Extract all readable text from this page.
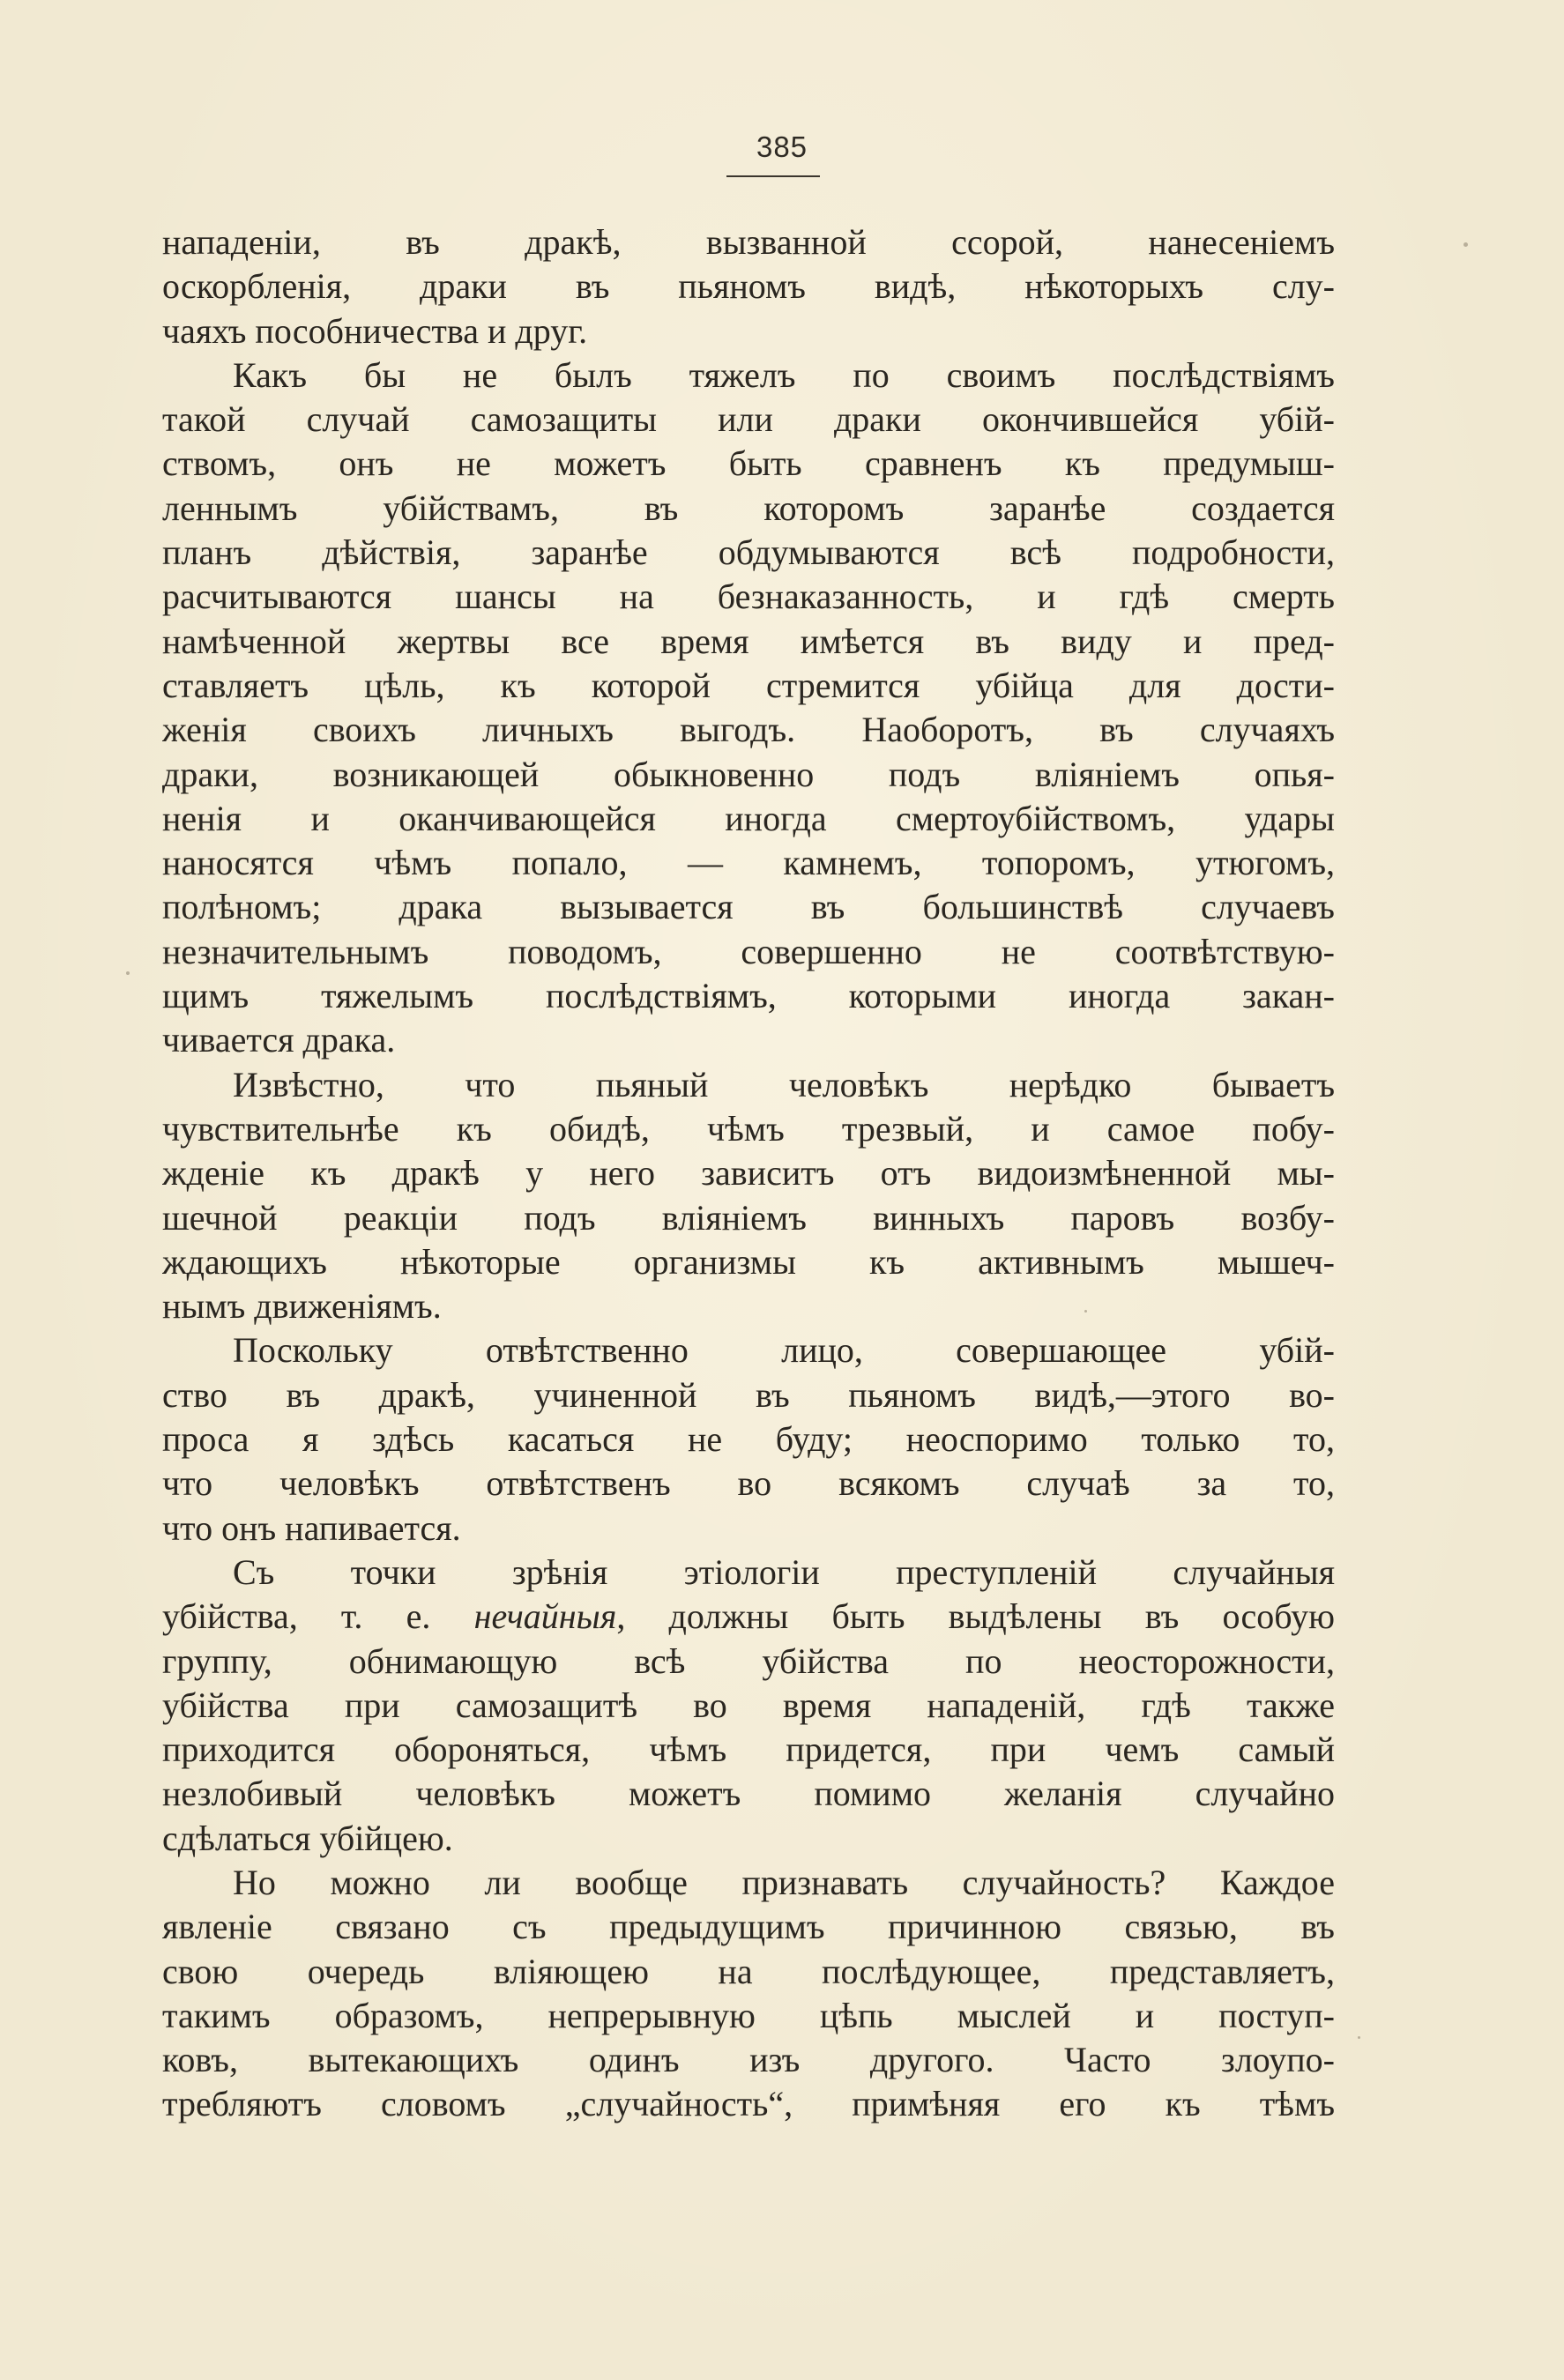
385
нападенiи, въ дракѣ, вызванной ссорой, нанесенiемъ
оскорбленiя, драки въ пьяномъ видѣ, нѣкоторыхъ слу-
чаяхъ пособничества и друг.
Какъ бы не былъ тяжелъ по своимъ послѣдствiямъ
такой случай самозащиты или драки окончившейся убiй-
ствомъ, онъ не можетъ быть сравненъ къ предумыш-
леннымъ убiйствамъ, въ которомъ заранѣе создается
планъ дѣйствiя, заранѣе обдумываются всѣ подробности,
расчитываются шансы на безнаказанность, и гдѣ смерть
намѣченной жертвы все время имѣется въ виду и пред-
ставляетъ цѣль, къ которой стремится убiйца для дости-
женiя своихъ личныхъ выгодъ. Наоборотъ, въ случаяхъ
драки, возникающей обыкновенно подъ влiянiемъ опья-
ненiя и оканчивающейся иногда смертоубiйствомъ, удары
наносятся чѣмъ попало, — камнемъ, топоромъ, утюгомъ,
полѣномъ; драка вызывается въ большинствѣ случаевъ
незначительнымъ поводомъ, совершенно не соотвѣтствую-
щимъ тяжелымъ послѣдствiямъ, которыми иногда закан-
чивается драка.
Извѣстно, что пьяный человѣкъ нерѣдко бываетъ
чувствительнѣе къ обидѣ, чѣмъ трезвый, и самое побу-
жденiе къ дракѣ у него зависитъ отъ видоизмѣненной мы-
шечной реакцiи подъ влiянiемъ винныхъ паровъ возбу-
ждающихъ нѣкоторые организмы къ активнымъ мышеч-
нымъ движенiямъ.
Поскольку отвѣтственно лицо, совершающее убiй-
ство въ дракѣ, учиненной въ пьяномъ видѣ,—этого во-
проса я здѣсь касаться не буду; неоспоримо только то,
что человѣкъ отвѣтственъ во всякомъ случаѣ за то,
что онъ напивается.
Съ точки зрѣнiя этiологiи преступленiй случайныя
убiйства, т. е. нечайныя, должны быть выдѣлены въ особую
группу, обнимающую всѣ убiйства по неосторожности,
убiйства при самозащитѣ во время нападенiй, гдѣ также
приходится обороняться, чѣмъ придется, при чемъ самый
незлобивый человѣкъ можетъ помимо желанiя случайно
сдѣлаться убiйцею.
Но можно ли вообще признавать случайность? Каждое
явленiе связано съ предыдущимъ причинною связью, въ
свою очередь влiяющею на послѣдующее, представляетъ,
такимъ образомъ, непрерывную цѣпь мыслей и поступ-
ковъ, вытекающихъ одинъ изъ другого. Часто злоупо-
требляютъ словомъ „случайность“, примѣняя его къ тѣмъ
